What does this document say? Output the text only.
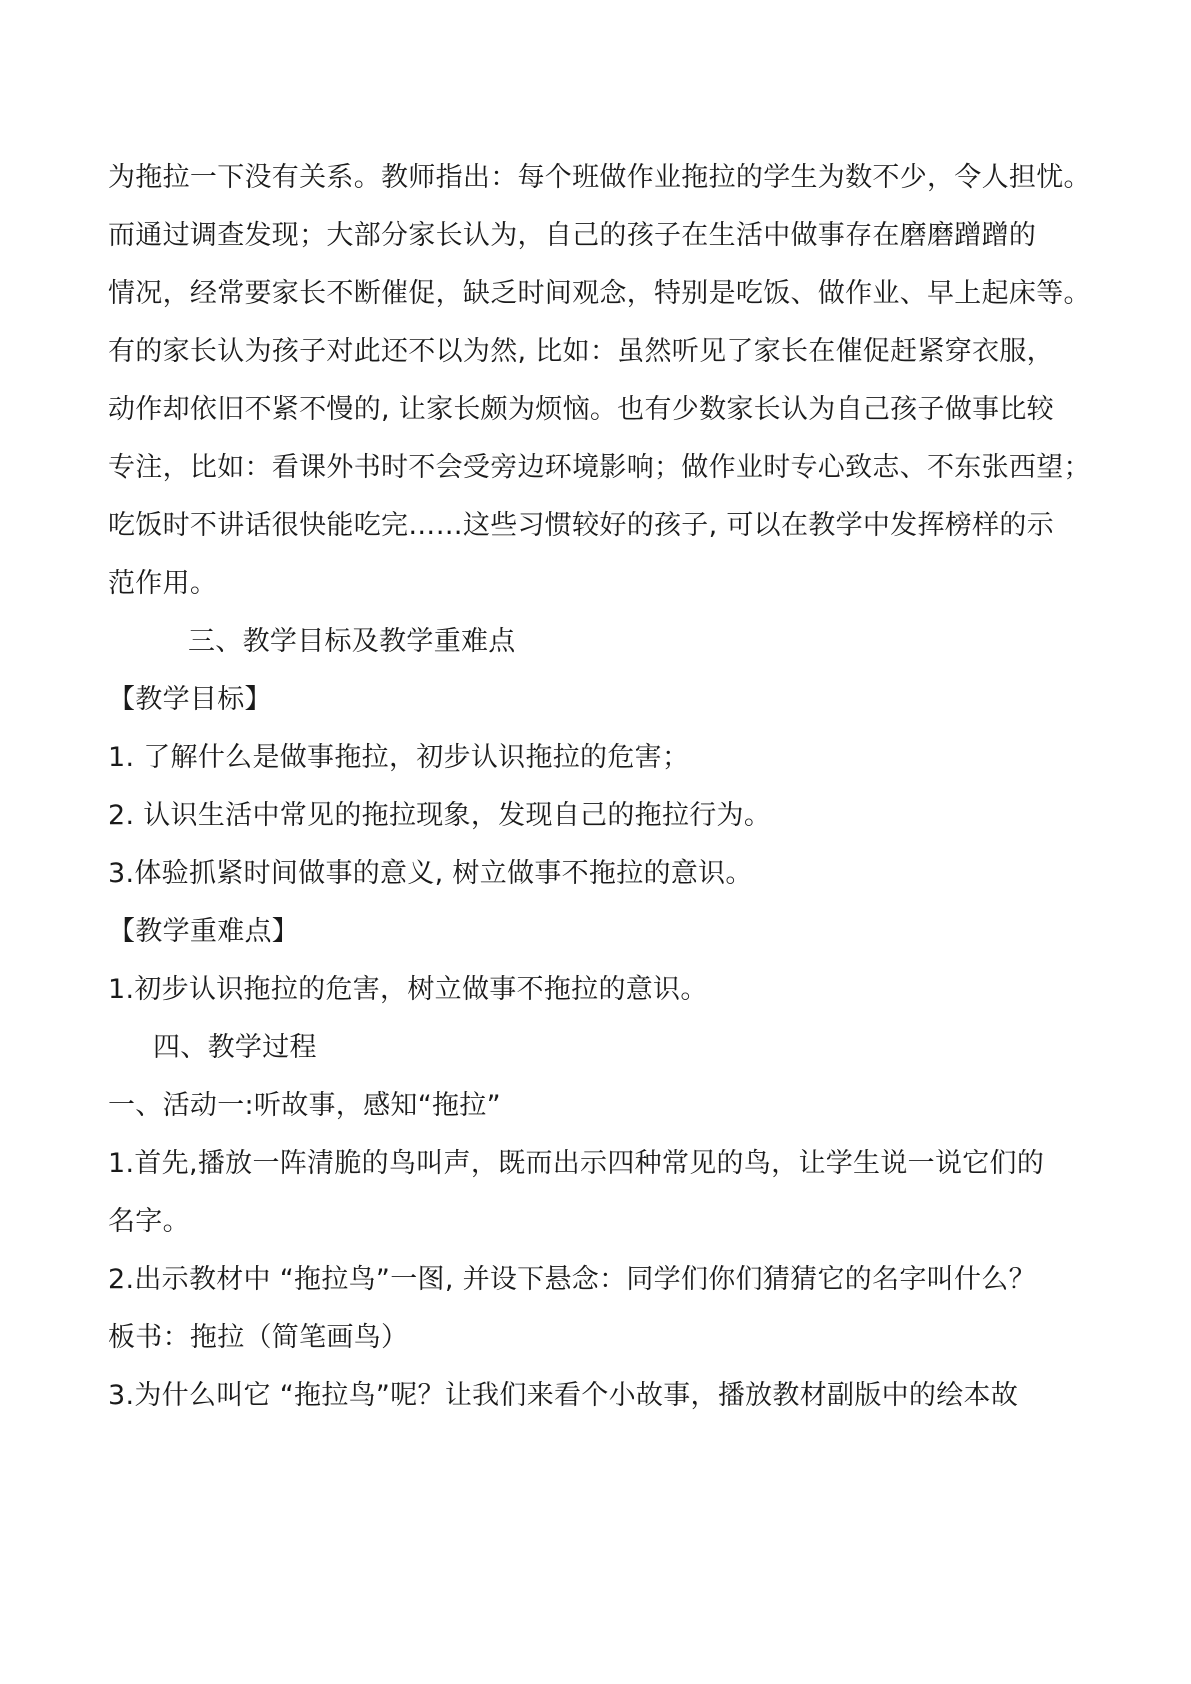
为拖拉一下没有关系。教师指出：每个班做作业拖拉的学生为数不少，令人担忧。
而通过调查发现；大部分家长认为，自己的孩子在生活中做事存在磨磨蹭蹭的
情况，经常要家长不断催促，缺乏时间观念，特别是吃饭、做作业、早上起床等。
有的家长认为孩子对此还不以为然, 比如：虽然听见了家长在催促赶紧穿衣服，
动作却依旧不紧不慢的, 让家长颇为烦恼。也有少数家长认为自己孩子做事比较
专注，比如：看课外书时不会受旁边环境影响；做作业时专心致志、不东张西望；
吃饭时不讲话很快能吃完……这些习惯较好的孩子, 可以在教学中发挥榜样的示
范作用。
三、教学目标及教学重难点
【教学目标】
1. 了解什么是做事拖拉，初步认识拖拉的危害；
2. 认识生活中常见的拖拉现象，发现自己的拖拉行为。
3.体验抓紧时间做事的意义, 树立做事不拖拉的意识。
【教学重难点】
1.初步认识拖拉的危害，树立做事不拖拉的意识。
四、教学过程
一、活动一:听故事，感知“拖拉”
1.首先,播放一阵清脆的鸟叫声，既而出示四种常见的鸟，让学生说一说它们的
名字。
2.出示教材中 “拖拉鸟”一图, 并设下悬念：同学们你们猜猜它的名字叫什么？
板书：拖拉（简笔画鸟）
3.为什么叫它 “拖拉鸟”呢？让我们来看个小故事，播放教材副版中的绘本故
